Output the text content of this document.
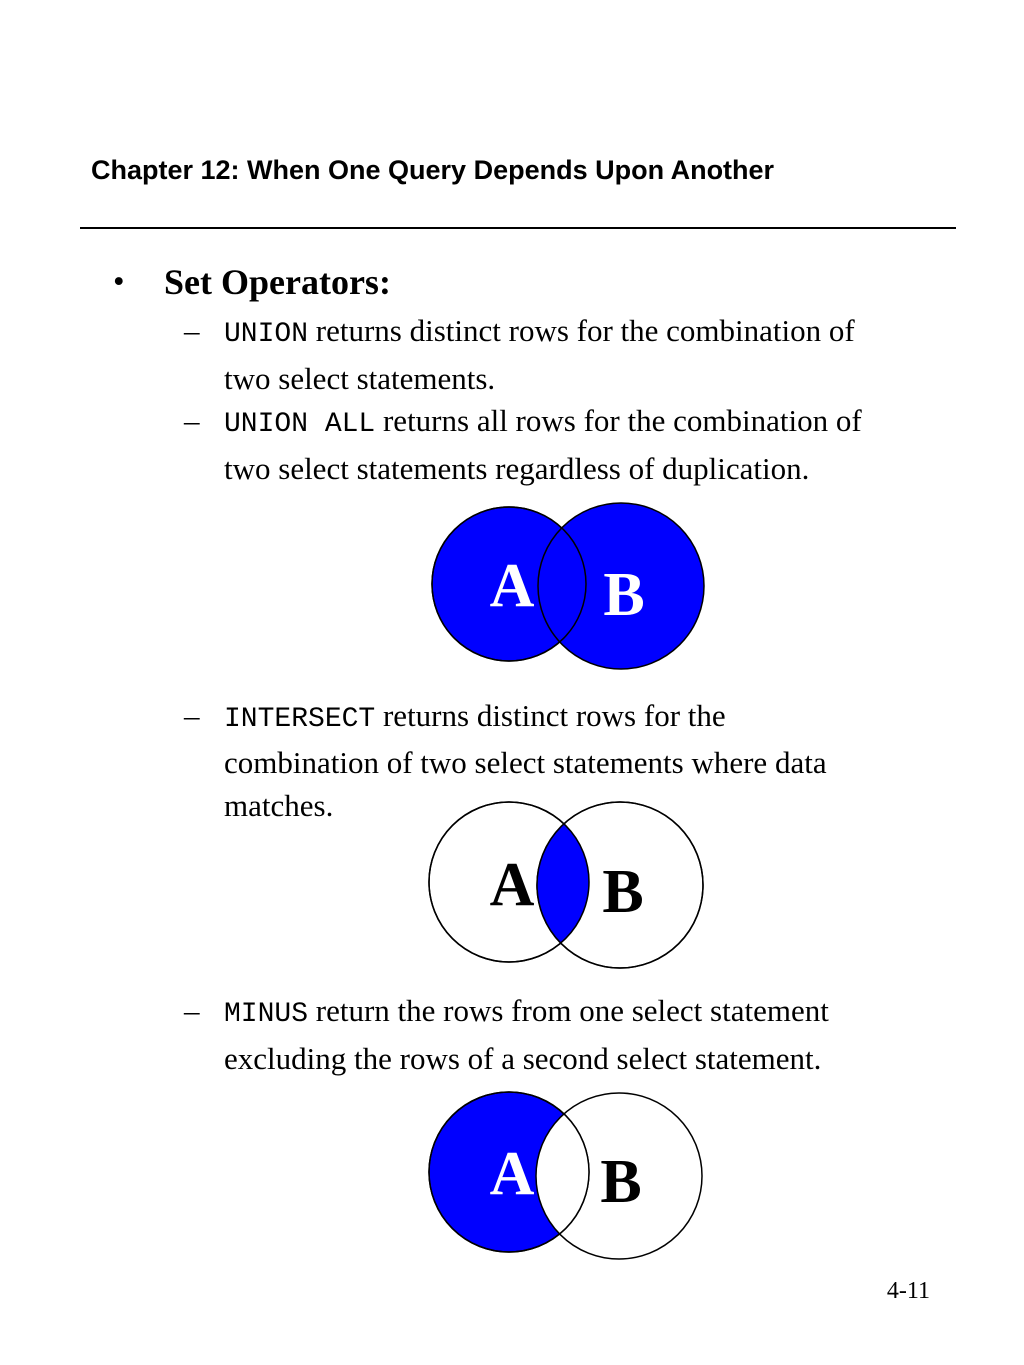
Chapter 12: When One Query Depends Upon Another
• Set Operators:
– UNION returns distinct rows for the combination of
two select statements.
– UNION ALL returns all rows for the combination of
two select statements regardless of duplication.
A B
– INTERSECT returns distinct rows for the
combination of two select statements where data
matches.
A B
– MINUS return the rows from one select statement
excluding the rows of a second select statement.
A B
4-11
